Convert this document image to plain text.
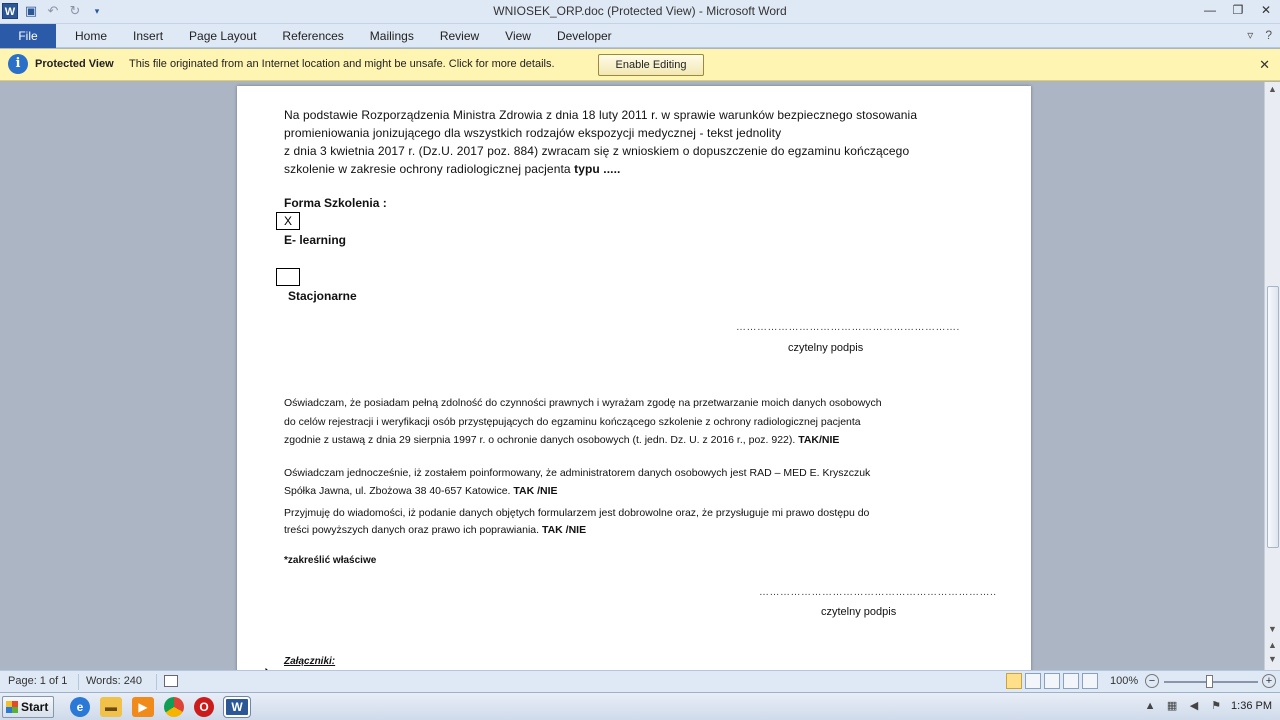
W ▣ ↶ ↻	▾	WNIOSEK_ORP.doc (Protected View) - Microsoft Word	— ❐ ✕
File	Home	Insert	Page Layout	References	Mailings	Review	View	Developer	▿ ?
i	Protected View This file originated from an Internet location and might be unsafe. Click for more details.	Enable Editing	✕
Na podstawie Rozporządzenia Ministra Zdrowia z dnia 18 luty 2011 r. w sprawie warunków bezpiecznego stosowania
promieniowania jonizującego dla wszystkich rodzajów ekspozycji medycznej - tekst jednolity
z dnia 3 kwietnia 2017 r. (Dz.U. 2017 poz. 884) zwracam się z wnioskiem o dopuszczenie do egzaminu kończącego
szkolenie w zakresie ochrony radiologicznej pacjenta typu .....
Forma Szkolenia :
X
E- learning
Stacjonarne
……………………………………………………….
czytelny podpis
Oświadczam, że posiadam pełną zdolność do czynności prawnych i wyrażam zgodę na przetwarzanie moich danych osobowych
do celów rejestracji i weryfikacji osób przystępujących do egzaminu kończącego szkolenie z ochrony radiologicznej pacjenta
zgodnie z ustawą z dnia 29 sierpnia 1997 r. o ochronie danych osobowych (t. jedn. Dz. U. z 2016 r., poz. 922). TAK/NIE
Oświadczam jednocześnie, iż zostałem poinformowany, że administratorem danych osobowych jest RAD – MED E. Kryszczuk
Spółka Jawna, ul. Zbożowa 38 40-657 Katowice. TAK /NIE
Przyjmuję do wiadomości, iż podanie danych objętych formularzem jest dobrowolne oraz, że przysługuje mi prawo dostępu do
treści powyższych danych oraz prawo ich poprawiania. TAK /NIE
*zakreślić właściwe
…………………………………………………………..
czytelny podpis
Załączniki:
▲
▼
▲
▼
Page: 1 of 1 Words: 240	100% −	+
Start	e	▬	▶	O	W	▲ ▦ ◀ ⚑ 1:36 PM
